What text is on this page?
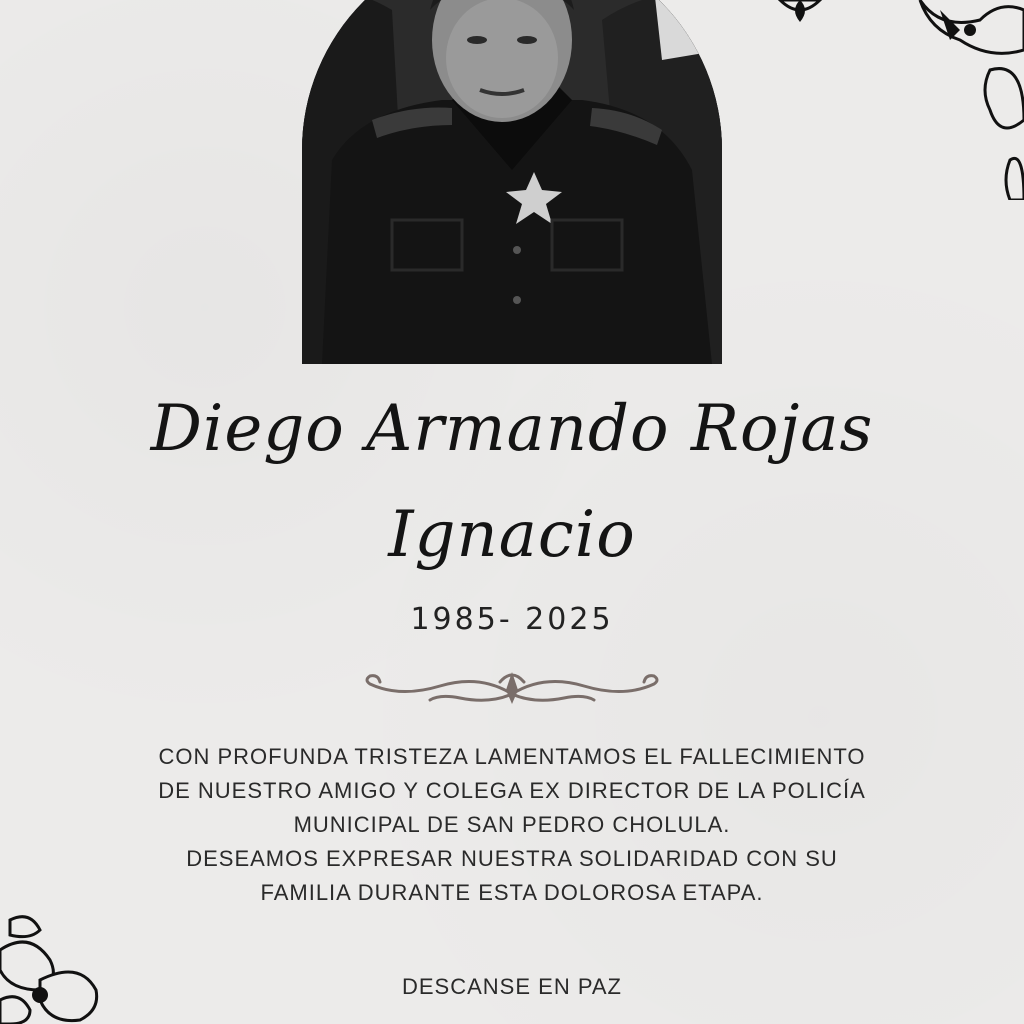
Diego Armando Rojas
Ignacio
1985- 2025

CON PROFUNDA TRISTEZA LAMENTAMOS EL FALLECIMIENTO DE NUESTRO AMIGO Y COLEGA EX DIRECTOR DE LA POLICÍA MUNICIPAL DE SAN PEDRO CHOLULA.

DESEAMOS EXPRESAR NUESTRA SOLIDARIDAD CON SU FAMILIA DURANTE ESTA DOLOROSA ETAPA.

DESCANSE EN PAZ
